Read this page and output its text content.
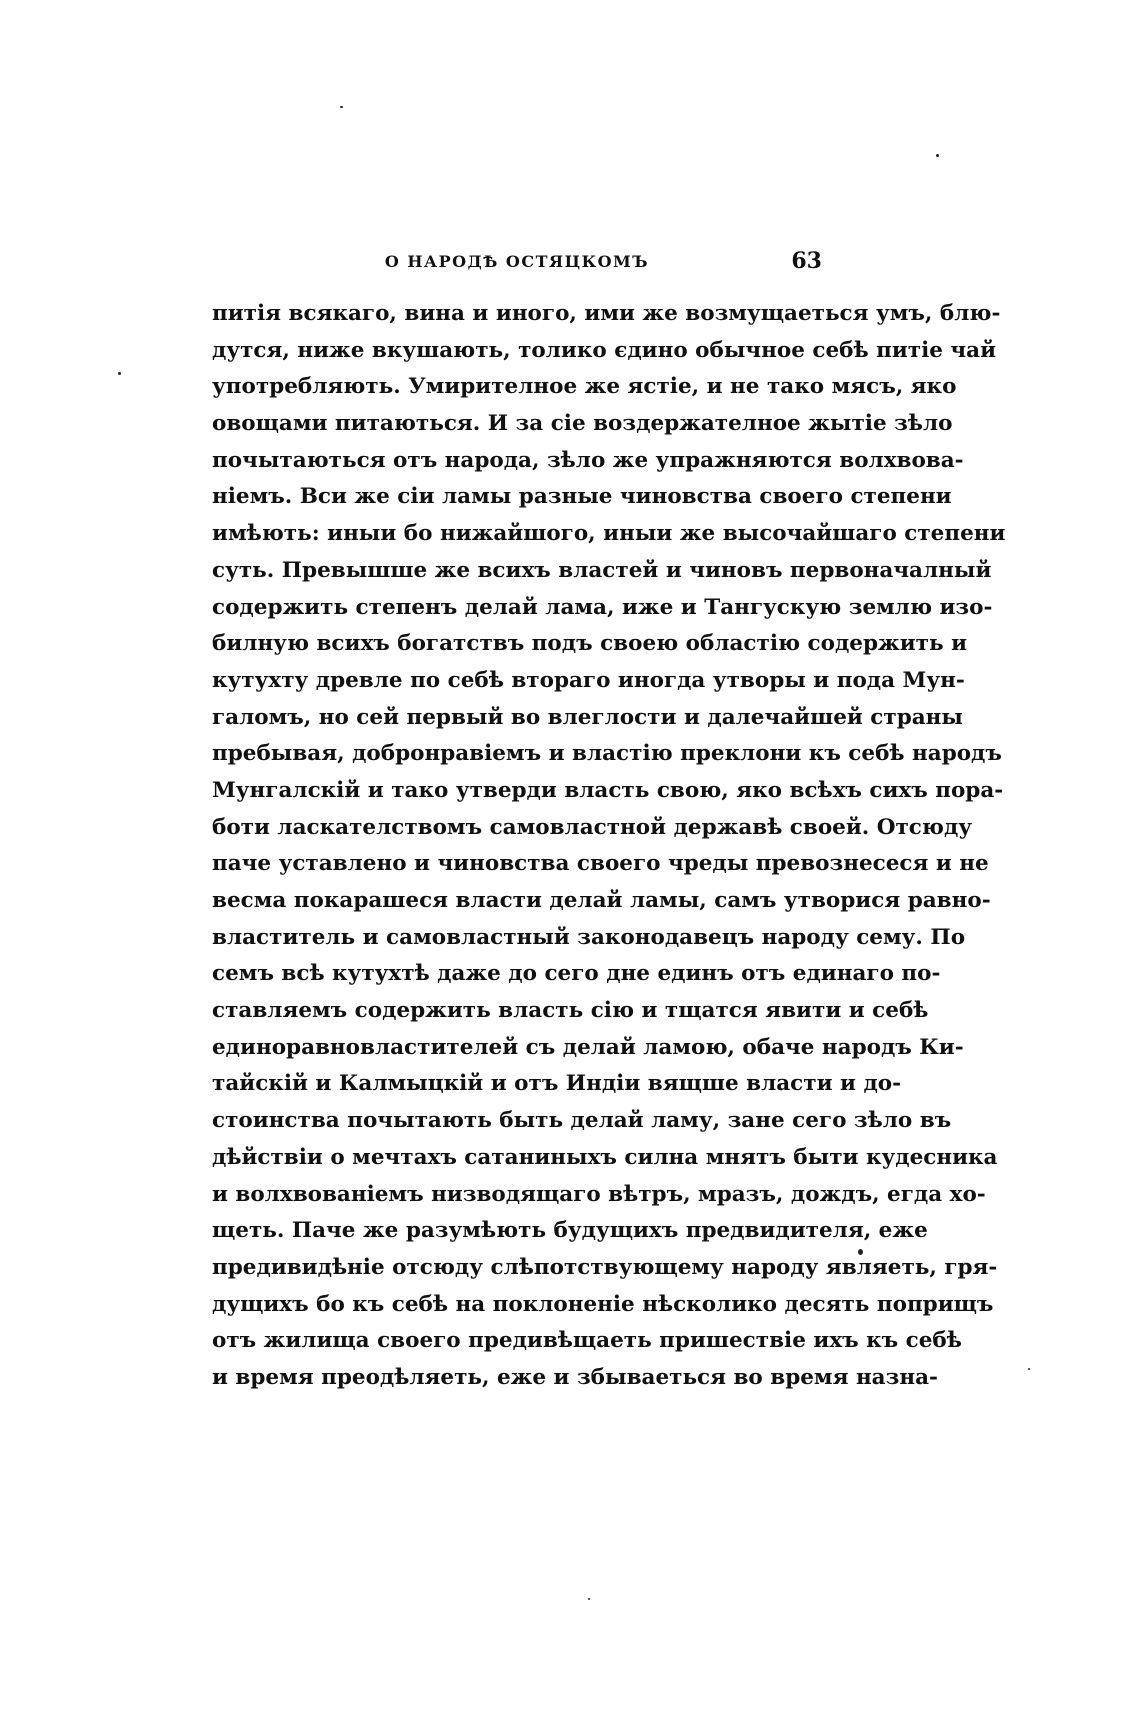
О НАРОДѢ ОСТЯЦКОМЪ	63
питія всякаго, вина и иного, ими же возмущаеться умъ, блю-
дутся, ниже вкушають, толико єдино обычное себѣ питіе чай
употребляють. Умирителное же ястіе, и не тако мясъ, яко
овощами питаються. И за сіе воздержателное жытіе зѣло
почытаються отъ народа, зѣло же упражняются волхвова-
ніемъ. Вси же сіи ламы разные чиновства своего степени
имѣють: иныи бо нижайшого, иныи же высочайшаго степени
суть. Превышше же всихъ властей и чиновъ первоначалный
содержить степенъ делай лама, иже и Тангускую землю изо-
билную всихъ богатствъ подъ своею областію содержить и
кутухту древле по себѣ втораго иногда утворы и пода Мун-
галомъ, но сей первый во влеглости и далечайшей страны
пребывая, добронравіемъ и властію преклони къ себѣ народъ
Мунгалскій и тако утверди власть свою, яко всѣхъ сихъ пора-
боти ласкателствомъ самовластной державѣ своей. Отсюду
паче уставлено и чиновства своего чреды превознесеся и не
весма покарашеся власти делай ламы, самъ утворися равно-
властитель и самовластный законодавецъ народу сему. По
семъ всѣ кутухтѣ даже до сего дне единъ отъ единаго по-
ставляемъ содержить власть сію и тщатся явити и себѣ
единоравновластителей съ делай ламою, обаче народъ Ки-
тайскій и Калмыцкій и отъ Индіи вящше власти и до-
стоинства почытають быть делай ламу, зане сего зѣло въ
дѣйствіи о мечтахъ сатаниныхъ силна мнятъ быти кудесника
и волхвованіемъ низводящаго вѣтръ, мразъ, дождъ, егда хо-
щеть. Паче же разумѣють будущихъ предвидителя, еже
предивидѣніе отсюду слѣпотствующему народу являеть, гря-
дущихъ бо къ себѣ на поклоненіе нѣсколико десять поприщъ
отъ жилища своего предивѣщаеть пришествіе ихъ къ себѣ
и время преодѣляеть, еже и збываеться во время назна-
